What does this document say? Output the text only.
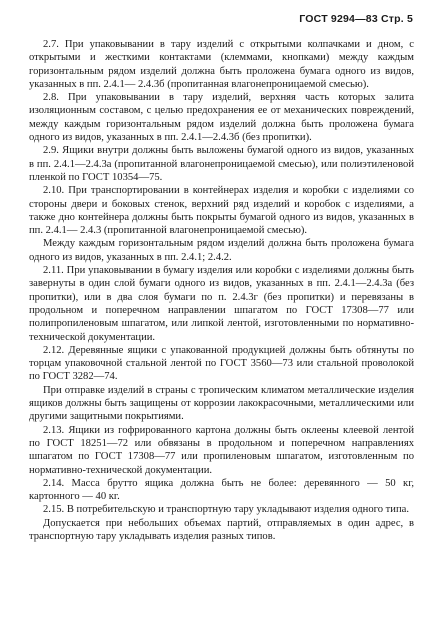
ГОСТ 9294—83 Стр. 5

2.7. При упаковывании в тару изделий с открытыми колпачками и дном, с открытыми и жесткими контактами (клеммами, кнопками) между каждым горизонтальным рядом изделий должна быть проложена бумага одного из видов, указанных в пп. 2.4.1— 2.4.3б (пропитанная влагонепроницаемой смесью).

2.8. При упаковывании в тару изделий, верхняя часть которых залита изоляционным составом, с целью предохранения ее от механических повреждений, между каждым горизонтальным рядом изделий должна быть проложена бумага одного из видов, указанных в пп. 2.4.1—2.4.3б (без пропитки).

2.9. Ящики внутри должны быть выложены бумагой одного из видов, указанных в пп. 2.4.1—2.4.3а (пропитанной влагонепроницаемой смесью), или полиэтиленовой пленкой по ГОСТ 10354—75.

2.10. При транспортировании в контейнерах изделия и коробки с изделиями со стороны двери и боковых стенок, верхний ряд изделий и коробок с изделиями, а также дно контейнера должны быть покрыты бумагой одного из видов, указанных в пп. 2.4.1— 2.4.3 (пропитанной влагонепроницаемой смесью).

Между каждым горизонтальным рядом изделий должна быть проложена бумага одного из видов, указанных в пп. 2.4.1; 2.4.2.

2.11. При упаковывании в бумагу изделия или коробки с изделиями должны быть завернуты в один слой бумаги одного из видов, указанных в пп. 2.4.1—2.4.3а (без пропитки), или в два слоя бумаги по п. 2.4.3г (без пропитки) и перевязаны в продольном и поперечном направлении шпагатом по ГОСТ 17308—77 или полипропиленовым шпагатом, или липкой лентой, изготовленными по нормативно-технической документации.

2.12. Деревянные ящики с упакованной продукцией должны быть обтянуты по торцам упаковочной стальной лентой по ГОСТ 3560—73 или стальной проволокой по ГОСТ 3282—74.

При отправке изделий в страны с тропическим климатом металлические изделия ящиков должны быть защищены от коррозии лакокрасочными, металлическими или другими защитными покрытиями.

2.13. Ящики из гофрированного картона должны быть оклеены клеевой лентой по ГОСТ 18251—72 или обвязаны в продольном и поперечном направлениях шпагатом по ГОСТ 17308—77 или пропиленовым шпагатом, изготовленным по нормативно-технической документации.

2.14. Масса брутто ящика должна быть не более: деревянного — 50 кг, картонного — 40 кг.

2.15. В потребительскую и транспортную тару укладывают изделия одного типа.

Допускается при небольших объемах партий, отправляемых в один адрес, в транспортную тару укладывать изделия разных типов.
